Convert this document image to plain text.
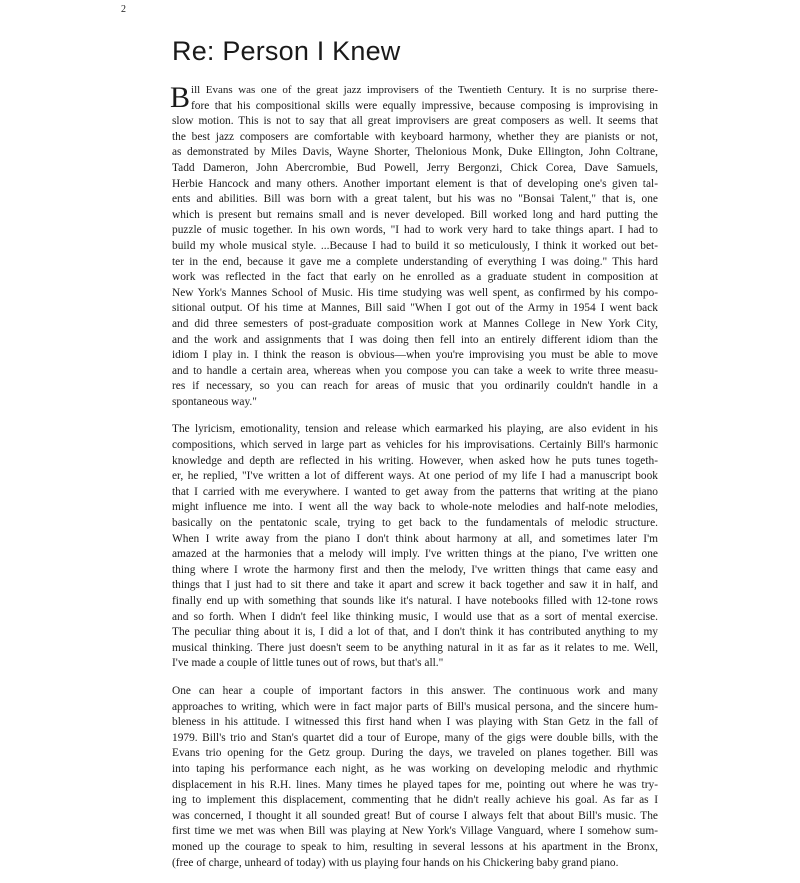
2
Re: Person I Knew
B ill Evans was one of the great jazz improvisers of the Twentieth Century. It is no surprise there-
fore that his compositional skills were equally impressive, because composing is improvising in
slow motion. This is not to say that all great improvisers are great composers as well. It seems that
the best jazz composers are comfortable with keyboard harmony, whether they are pianists or not,
as demonstrated by Miles Davis, Wayne Shorter, Thelonious Monk, Duke Ellington, John Coltrane,
Tadd Dameron, John Abercrombie, Bud Powell, Jerry Bergonzi, Chick Corea, Dave Samuels,
Herbie Hancock and many others. Another important element is that of developing one's given tal-
ents and abilities. Bill was born with a great talent, but his was no "Bonsai Talent," that is, one
which is present but remains small and is never developed. Bill worked long and hard putting the
puzzle of music together. In his own words, "I had to work very hard to take things apart. I had to
build my whole musical style. ...Because I had to build it so meticulously, I think it worked out bet-
ter in the end, because it gave me a complete understanding of everything I was doing." This hard
work was reflected in the fact that early on he enrolled as a graduate student in composition at
New York's Mannes School of Music. His time studying was well spent, as confirmed by his compo-
sitional output. Of his time at Mannes, Bill said "When I got out of the Army in 1954 I went back
and did three semesters of post-graduate composition work at Mannes College in New York City,
and the work and assignments that I was doing then fell into an entirely different idiom than the
idiom I play in. I think the reason is obvious—when you're improvising you must be able to move
and to handle a certain area, whereas when you compose you can take a week to write three measu-
res if necessary, so you can reach for areas of music that you ordinarily couldn't handle in a
spontaneous way."
The lyricism, emotionality, tension and release which earmarked his playing, are also evident in his
compositions, which served in large part as vehicles for his improvisations. Certainly Bill's harmonic
knowledge and depth are reflected in his writing. However, when asked how he puts tunes togeth-
er, he replied, "I've written a lot of different ways. At one period of my life I had a manuscript book
that I carried with me everywhere. I wanted to get away from the patterns that writing at the piano
might influence me into. I went all the way back to whole-note melodies and half-note melodies,
basically on the pentatonic scale, trying to get back to the fundamentals of melodic structure.
When I write away from the piano I don't think about harmony at all, and sometimes later I'm
amazed at the harmonies that a melody will imply. I've written things at the piano, I've written one
thing where I wrote the harmony first and then the melody, I've written things that came easy and
things that I just had to sit there and take it apart and screw it back together and saw it in half, and
finally end up with something that sounds like it's natural. I have notebooks filled with 12-tone rows
and so forth. When I didn't feel like thinking music, I would use that as a sort of mental exercise.
The peculiar thing about it is, I did a lot of that, and I don't think it has contributed anything to my
musical thinking. There just doesn't seem to be anything natural in it as far as it relates to me. Well,
I've made a couple of little tunes out of rows, but that's all."
One can hear a couple of important factors in this answer. The continuous work and many
approaches to writing, which were in fact major parts of Bill's musical persona, and the sincere hum-
bleness in his attitude. I witnessed this first hand when I was playing with Stan Getz in the fall of
1979. Bill's trio and Stan's quartet did a tour of Europe, many of the gigs were double bills, with the
Evans trio opening for the Getz group. During the days, we traveled on planes together. Bill was
into taping his performance each night, as he was working on developing melodic and rhythmic
displacement in his R.H. lines. Many times he played tapes for me, pointing out where he was try-
ing to implement this displacement, commenting that he didn't really achieve his goal. As far as I
was concerned, I thought it all sounded great! But of course I always felt that about Bill's music. The
first time we met was when Bill was playing at New York's Village Vanguard, where I somehow sum-
moned up the courage to speak to him, resulting in several lessons at his apartment in the Bronx,
(free of charge, unheard of today) with us playing four hands on his Chickering baby grand piano.
